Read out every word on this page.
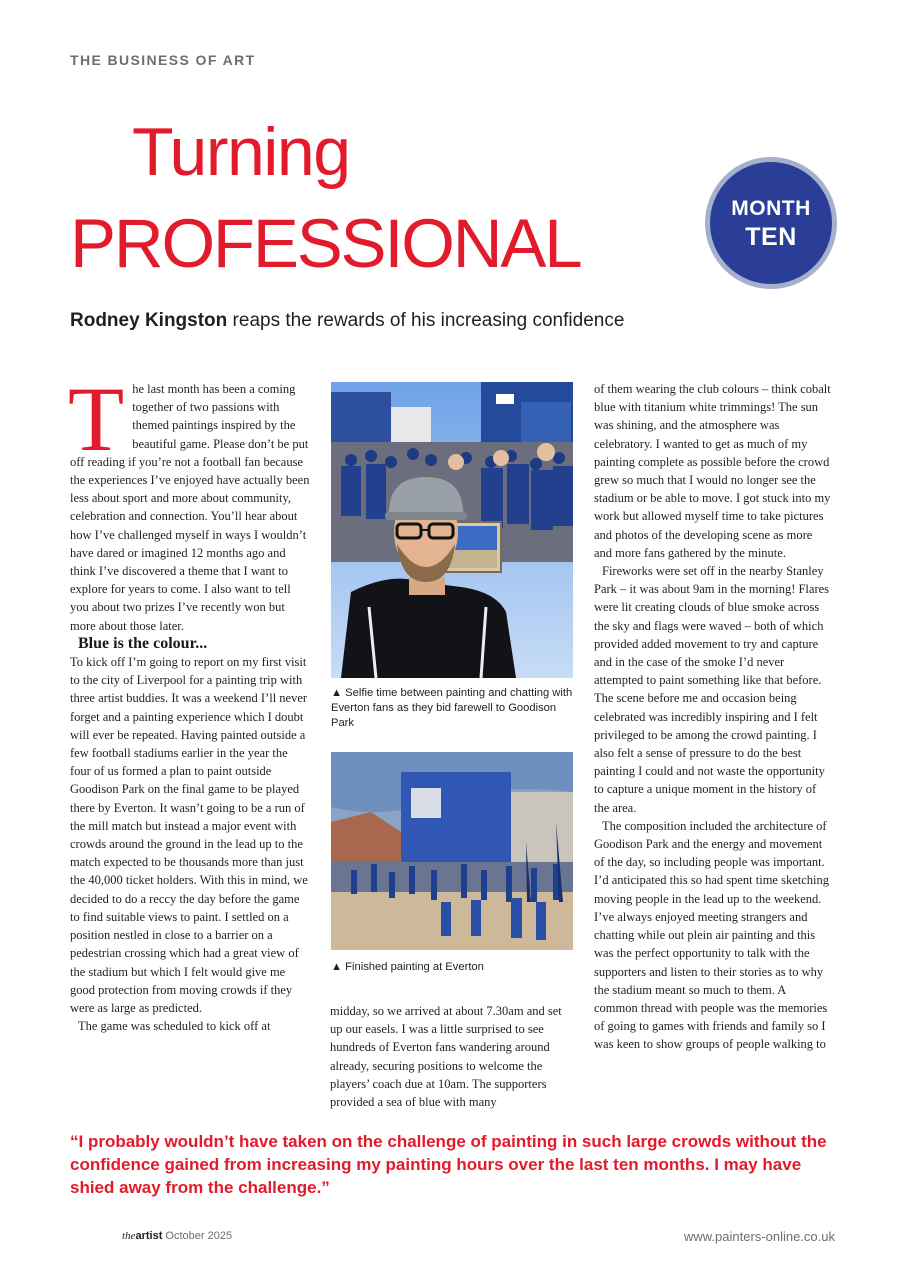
THE BUSINESS OF ART
Turning
PROFESSIONAL	MONTH
TEN
Rodney Kingston reaps the rewards of his increasing confidence

The last month has been a coming together of two passions with themed paintings inspired by the beautiful game. Please don’t be put off reading if you’re not a football fan because the experiences I’ve enjoyed have actually been less about sport and more about community, celebration and connection. You’ll hear about how I’ve challenged myself in ways I wouldn’t have dared or imagined 12 months ago and think I’ve discovered a theme that I want to explore for years to come. I also want to tell you about two prizes I’ve recently won but more about those later.

Blue is the colour...

To kick off I’m going to report on my first visit to the city of Liverpool for a painting trip with three artist buddies. It was a weekend I’ll never forget and a painting experience which I doubt will ever be repeated. Having painted outside a few football stadiums earlier in the year the four of us formed a plan to paint outside Goodison Park on the final game to be played there by Everton. It wasn’t going to be a run of the mill match but instead a major event with crowds around the ground in the lead up to the match expected to be thousands more than just the 40,000 ticket holders. With this in mind, we decided to do a reccy the day before the game to find suitable views to paint. I settled on a position nestled in close to a barrier on a pedestrian crossing which had a great view of the stadium but which I felt would give me good protection from moving crowds if they were as large as predicted.

The game was scheduled to kick off at

▲ Selfie time between painting and chatting with Everton fans as they bid farewell to Goodison Park
▲ Finished painting at Everton

midday, so we arrived at about 7.30am and set up our easels. I was a little surprised to see hundreds of Everton fans wandering around already, securing positions to welcome the players’ coach due at 10am. The supporters provided a sea of blue with many

of them wearing the club colours – think cobalt blue with titanium white trimmings! The sun was shining, and the atmosphere was celebratory. I wanted to get as much of my painting complete as possible before the crowd grew so much that I would no longer see the stadium or be able to move. I got stuck into my work but allowed myself time to take pictures and photos of the developing scene as more and more fans gathered by the minute.

Fireworks were set off in the nearby Stanley Park – it was about 9am in the morning! Flares were lit creating clouds of blue smoke across the sky and flags were waved – both of which provided added movement to try and capture and in the case of the smoke I’d never attempted to paint something like that before. The scene before me and occasion being celebrated was incredibly inspiring and I felt privileged to be among the crowd painting. I also felt a sense of pressure to do the best painting I could and not waste the opportunity to capture a unique moment in the history of the area.

The composition included the architecture of Goodison Park and the energy and movement of the day, so including people was important. I’d anticipated this so had spent time sketching moving people in the lead up to the weekend. I’ve always enjoyed meeting strangers and chatting while out plein air painting and this was the perfect opportunity to talk with the supporters and listen to their stories as to why the stadium meant so much to them. A common thread with people was the memories of going to games with friends and family so I was keen to show groups of people walking to

“I probably wouldn’t have taken on the challenge of painting in such large crowds without the confidence gained from increasing my painting hours over the last ten months. I may have shied away from the challenge.”
theartist October 2025	www.painters-online.co.uk
